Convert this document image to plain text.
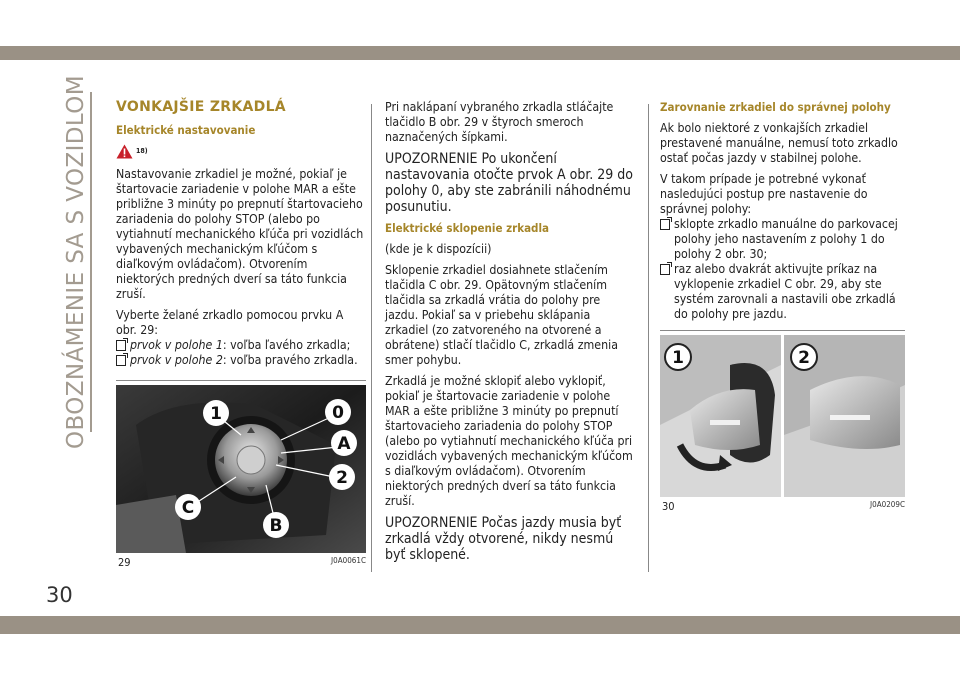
OBOZNÁMENIE SA S VOZIDLOM VONKAJŠIE ZRKADLÁ
Elektrické nastavovanie
18)

Nastavovanie zrkadiel je možné, pokiaľ je štartovacie zariadenie v polohe MAR a ešte približne 3 minúty po prepnutí štartovacieho zariadenia do polohy STOP (alebo po vytiahnutí mechanického kľúča pri vozidlách vybavených mechanickým kľúčom s diaľkovým ovládačom). Otvorením niektorých predných dverí sa táto funkcia zruší.

Vyberte želané zrkadlo pomocou prvku A obr. 29:

prvok v polohe 1: voľba ľavého zrkadla;
prvok v polohe 2: voľba pravého zrkadla.
1	0
A
2
C
B
29	J0A0061C

Pri naklápaní vybraného zrkadla stláčajte tlačidlo B obr. 29 v štyroch smeroch naznačených šípkami.

UPOZORNENIE Po ukončení nastavovania otočte prvok A obr. 29 do polohy 0, aby ste zabránili náhodnému posunutiu.

Elektrické sklopenie zrkadla

(kde je k dispozícii)

Sklopenie zrkadiel dosiahnete stlačením tlačidla C obr. 29. Opätovným stlačením tlačidla sa zrkadlá vrátia do polohy pre jazdu. Pokiaľ sa v priebehu sklápania zrkadiel (zo zatvoreného na otvorené a obrátene) stlačí tlačidlo C, zrkadlá zmenia smer pohybu.

Zrkadlá je možné sklopiť alebo vyklopiť, pokiaľ je štartovacie zariadenie v polohe MAR a ešte približne 3 minúty po prepnutí štartovacieho zariadenia do polohy STOP (alebo po vytiahnutí mechanického kľúča pri vozidlách vybavených mechanickým kľúčom s diaľkovým ovládačom). Otvorením niektorých predných dverí sa táto funkcia zruší.

UPOZORNENIE Počas jazdy musia byť zrkadlá vždy otvorené, nikdy nesmú byť sklopené.

Zarovnanie zrkadiel do správnej polohy

Ak bolo niektoré z vonkajších zrkadiel prestavené manuálne, nemusí toto zrkadlo ostať počas jazdy v stabilnej polohe.

V takom prípade je potrebné vykonať nasledujúci postup pre nastavenie do správnej polohy:

sklopte zrkadlo manuálne do parkovacej polohy jeho nastavením z polohy 1 do polohy 2 obr. 30;
raz alebo dvakrát aktivujte príkaz na vyklopenie zrkadiel C obr. 29, aby ste systém zarovnali a nastavili obe zrkadlá do polohy pre jazdu.
1	2
30	J0A0209C
30
